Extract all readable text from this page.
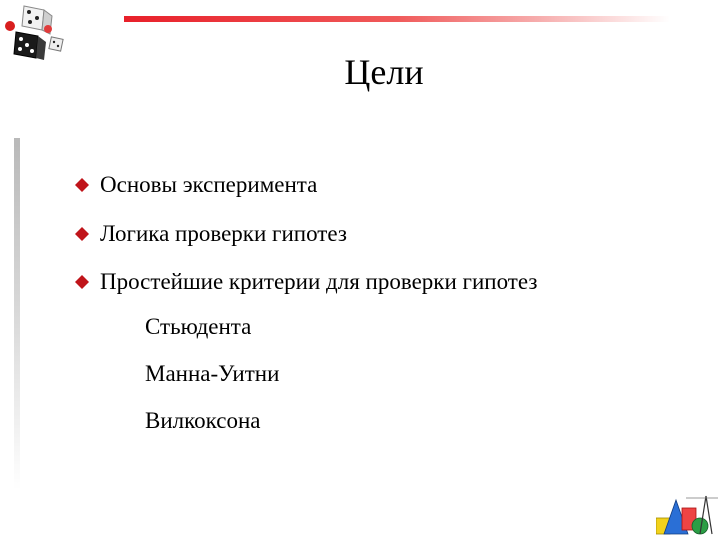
Цели
Основы эксперимента
Логика проверки гипотез
Простейшие критерии для проверки гипотез
Стьюдента
Манна-Уитни
Вилкоксона
